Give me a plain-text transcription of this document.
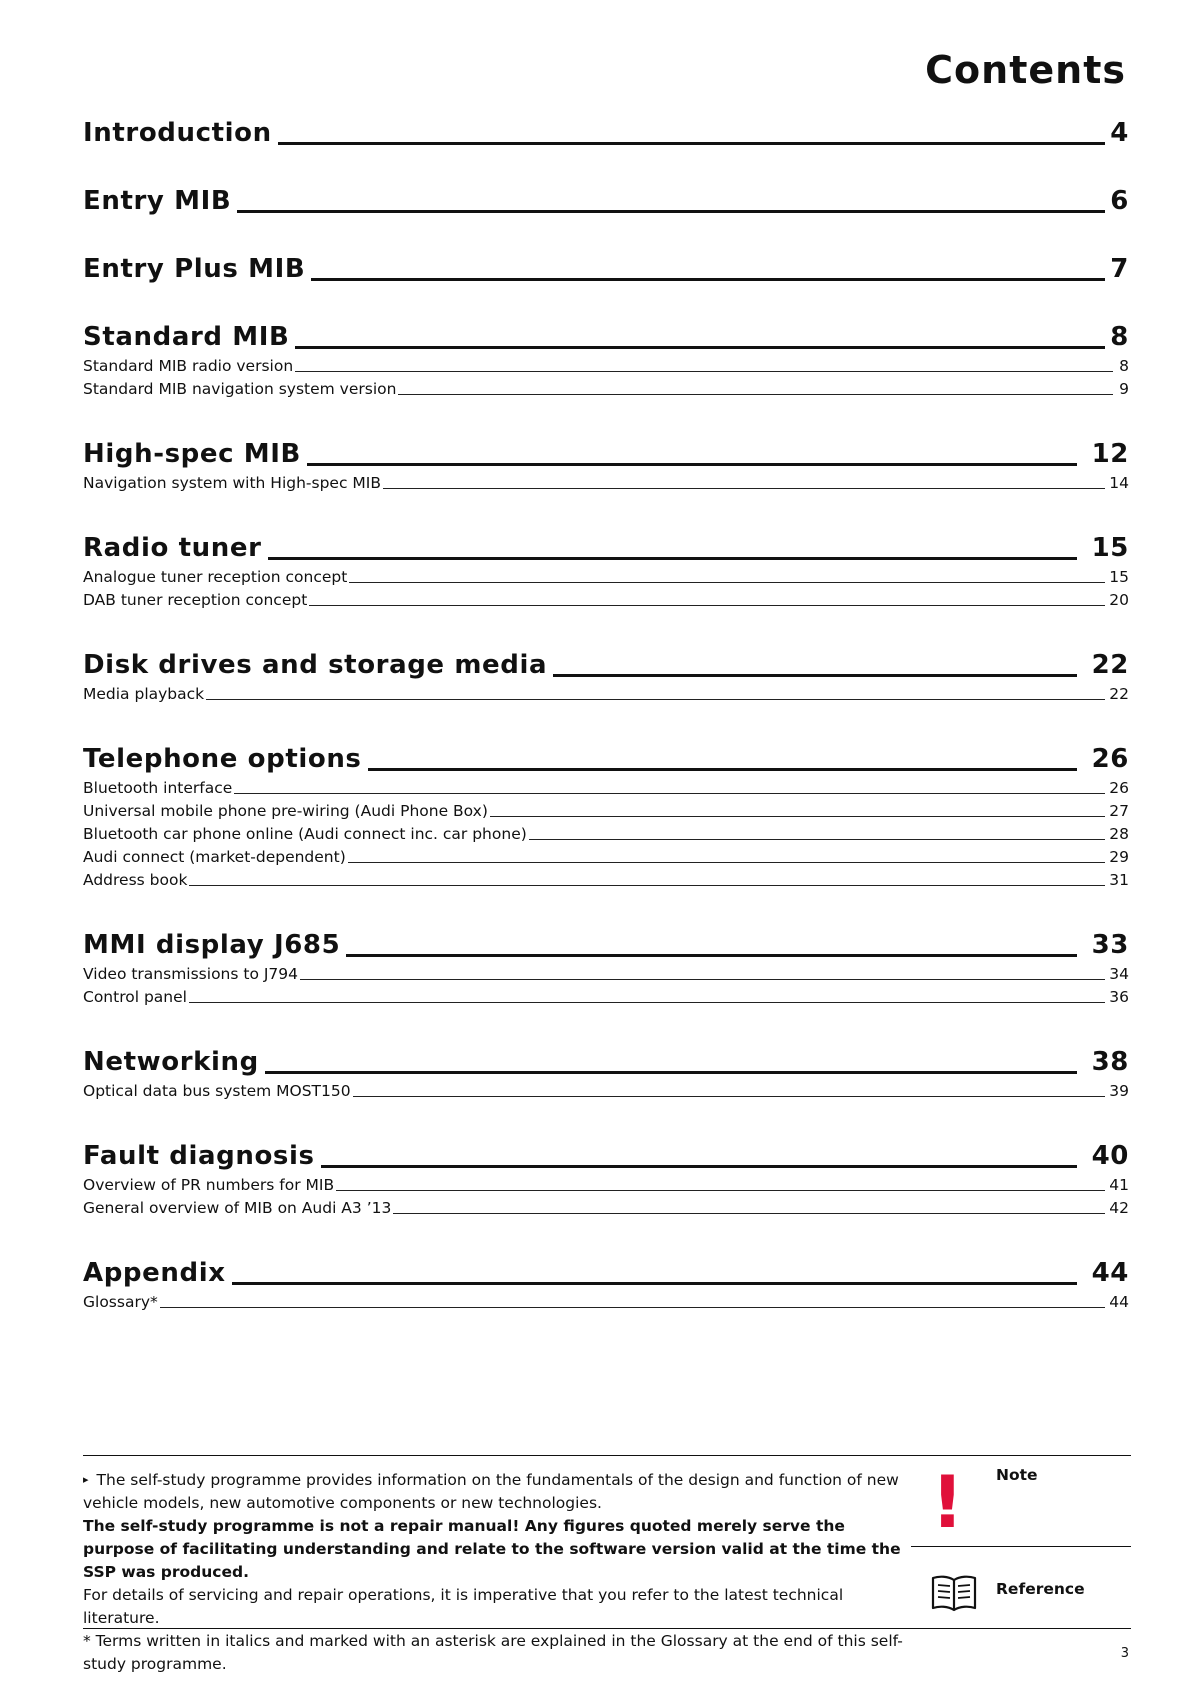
Contents
Introduction	4
Entry MIB	6
Entry Plus MIB	7
Standard MIB	8
Standard MIB radio version	8
Standard MIB navigation system version	9
High-spec MIB	12
Navigation system with High-spec MIB	14
Radio tuner	15
Analogue tuner reception concept	15
DAB tuner reception concept	20
Disk drives and storage media	22
Media playback	22
Telephone options	26
Bluetooth interface	26
Universal mobile phone pre-wiring (Audi Phone Box)	27
Bluetooth car phone online (Audi connect inc. car phone)	28
Audi connect (market-dependent)	29
Address book	31
MMI display J685	33
Video transmissions to J794	34
Control panel	36
Networking	38
Optical data bus system MOST150	39
Fault diagnosis	40
Overview of PR numbers for MIB	41
General overview of MIB on Audi A3 ’13	42
Appendix	44
Glossary*	44

▸ The self-study programme provides information on the fundamentals of the design and function of new vehicle models, new automotive components or new technologies.

The self-study programme is not a repair manual! Any figures quoted merely serve the purpose of facilitating understanding and relate to the software version valid at the time the SSP was produced.

For details of servicing and repair operations, it is imperative that you refer to the latest technical literature.

* Terms written in italics and marked with an asterisk are explained in the Glossary at the end of this self-study programme.

! Note
Reference
3
